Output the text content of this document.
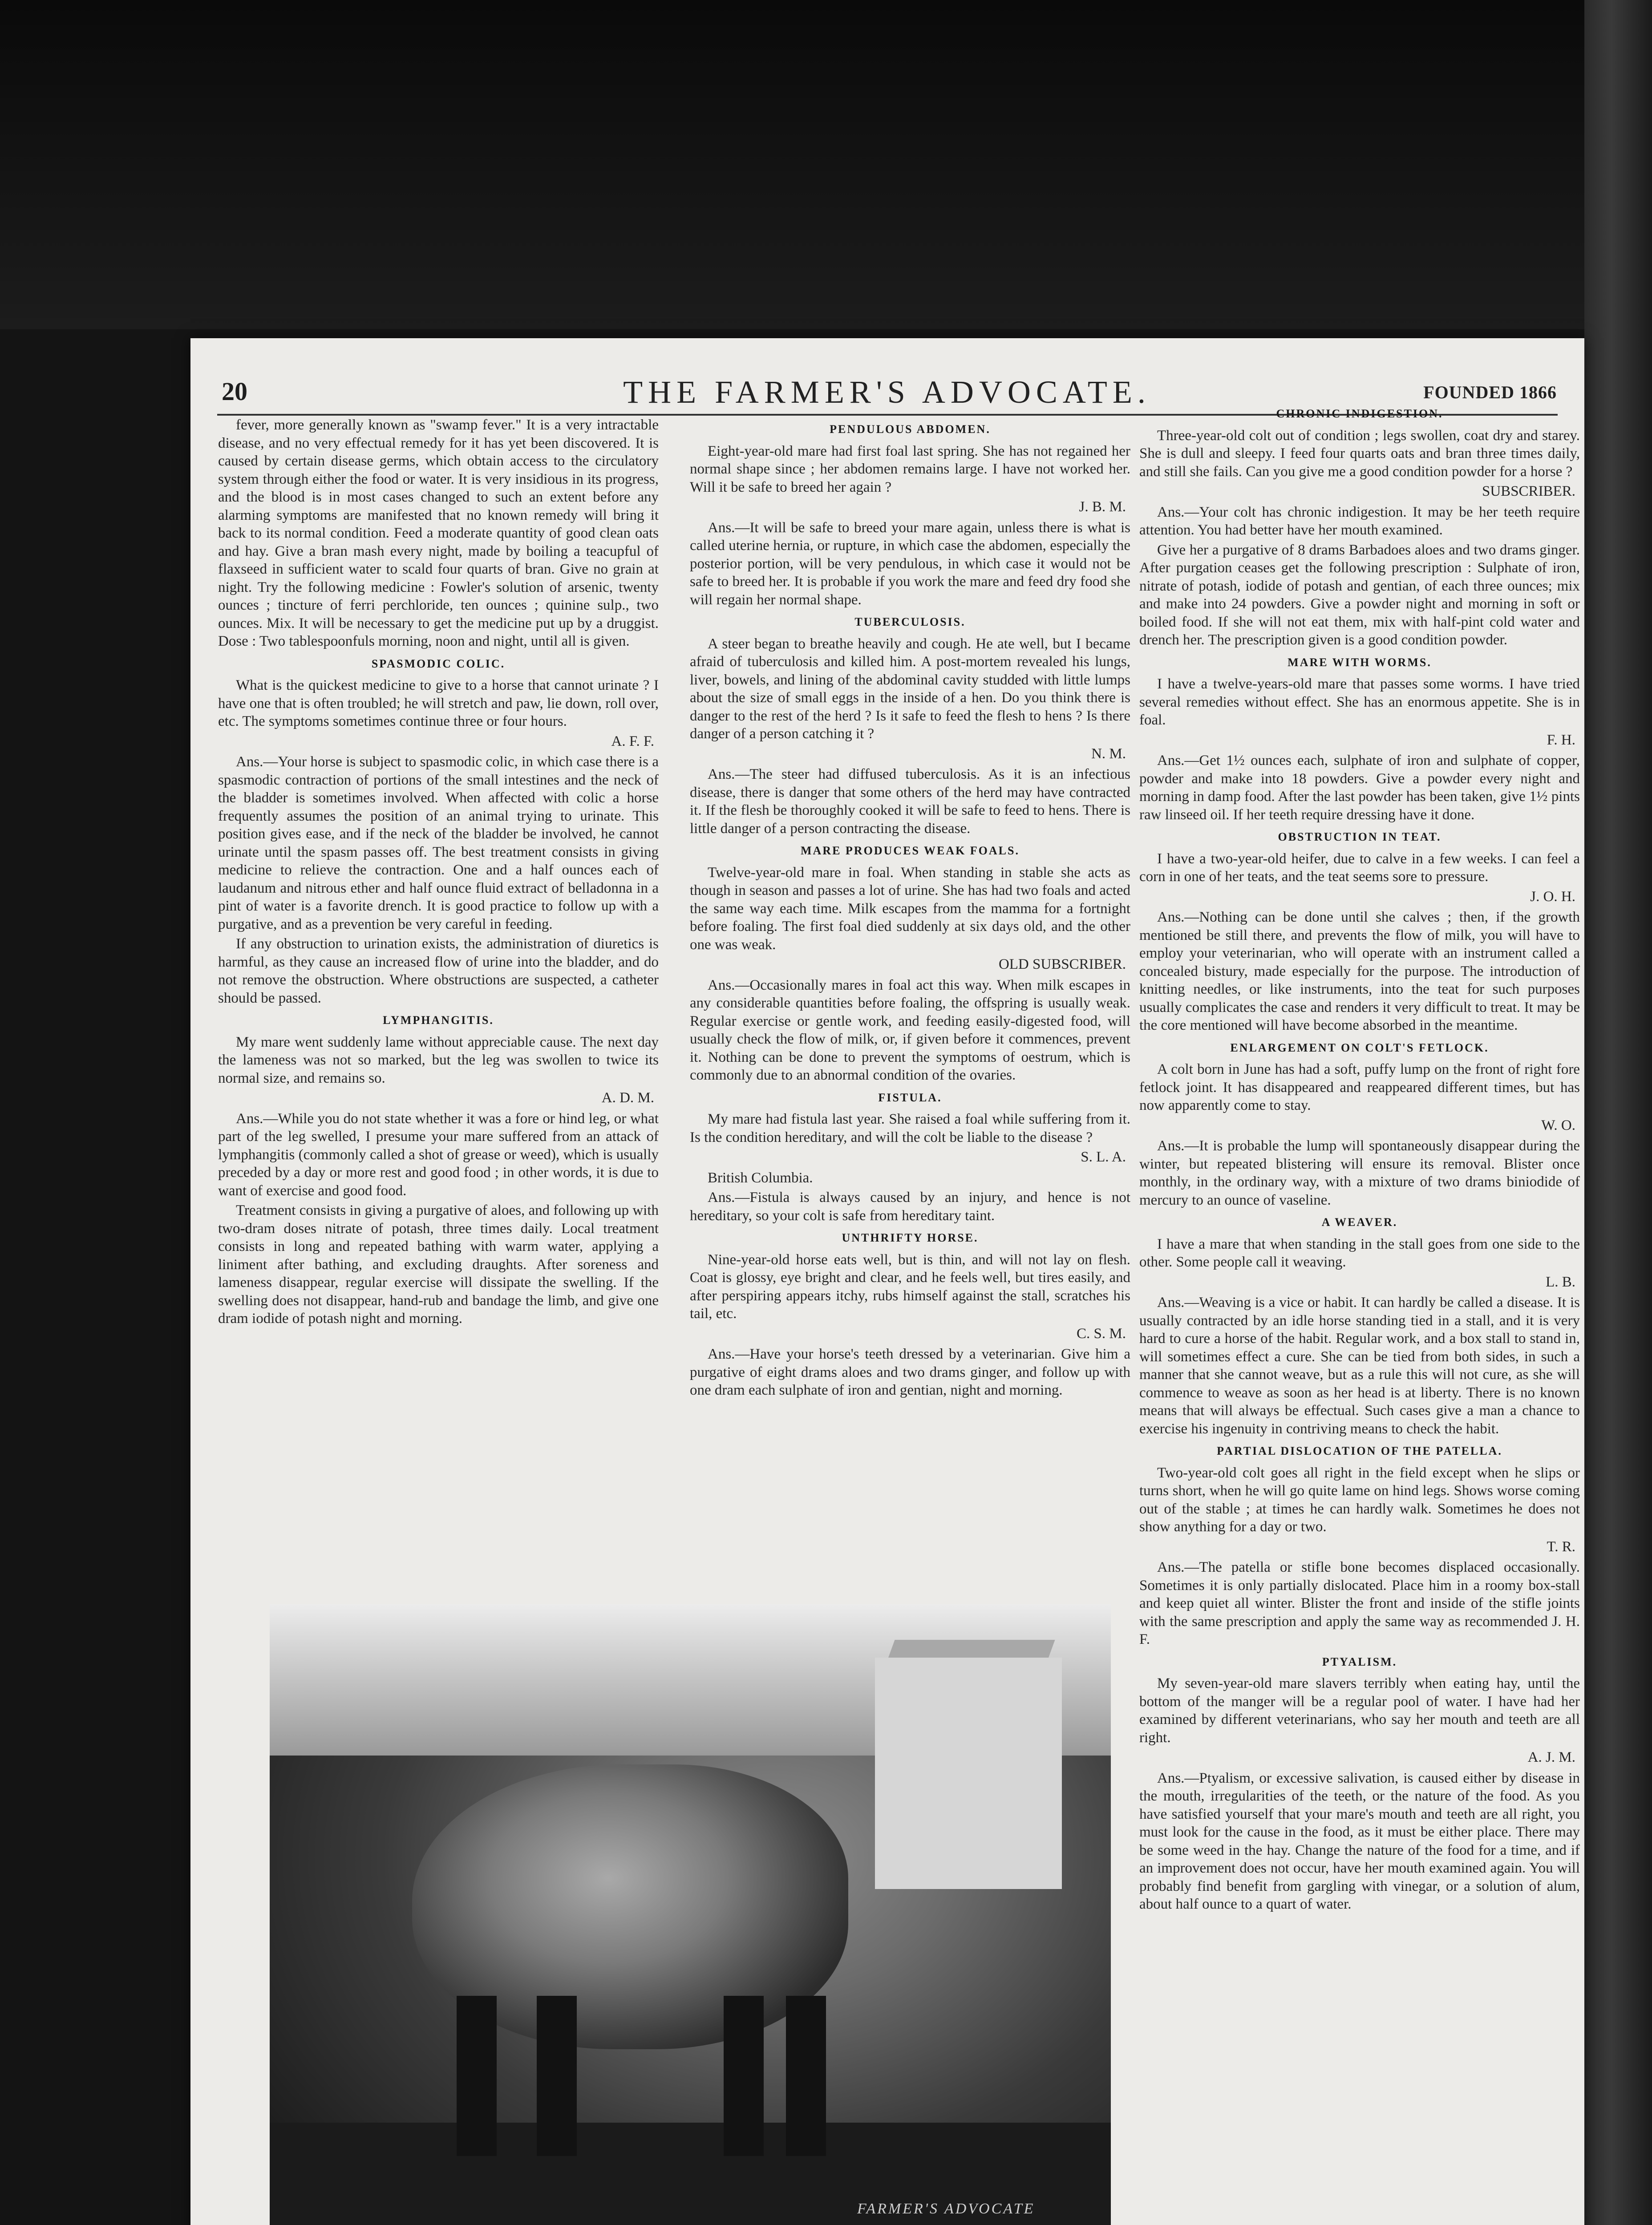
20	THE FARMER'S ADVOCATE.	FOUNDED 1866

fever, more generally known as "swamp fever." It is a very intractable disease, and no very effectual remedy for it has yet been discovered. It is caused by certain disease germs, which obtain access to the circulatory system through either the food or water. It is very insidious in its progress, and the blood is in most cases changed to such an extent before any alarming symptoms are manifested that no known remedy will bring it back to its normal condition. Feed a moderate quantity of good clean oats and hay. Give a bran mash every night, made by boiling a teacupful of flaxseed in sufficient water to scald four quarts of bran. Give no grain at night. Try the following medicine : Fowler's solution of arsenic, twenty ounces ; tincture of ferri perchloride, ten ounces ; quinine sulp., two ounces. Mix. It will be necessary to get the medicine put up by a druggist. Dose : Two tablespoonfuls morning, noon and night, until all is given.

SPASMODIC COLIC.

What is the quickest medicine to give to a horse that cannot urinate ? I have one that is often troubled; he will stretch and paw, lie down, roll over, etc. The symptoms sometimes continue three or four hours.

A. F. F.

Ans.—Your horse is subject to spasmodic colic, in which case there is a spasmodic contraction of portions of the small intestines and the neck of the bladder is sometimes involved. When affected with colic a horse frequently assumes the position of an animal trying to urinate. This position gives ease, and if the neck of the bladder be involved, he cannot urinate until the spasm passes off. The best treatment consists in giving medicine to relieve the contraction. One and a half ounces each of laudanum and nitrous ether and half ounce fluid extract of belladonna in a pint of water is a favorite drench. It is good practice to follow up with a purgative, and as a prevention be very careful in feeding.

If any obstruction to urination exists, the administration of diuretics is harmful, as they cause an increased flow of urine into the bladder, and do not remove the obstruction. Where obstructions are suspected, a catheter should be passed.

LYMPHANGITIS.

My mare went suddenly lame without appreciable cause. The next day the lameness was not so marked, but the leg was swollen to twice its normal size, and remains so.

A. D. M.

Ans.—While you do not state whether it was a fore or hind leg, or what part of the leg swelled, I presume your mare suffered from an attack of lymphangitis (commonly called a shot of grease or weed), which is usually preceded by a day or more rest and good food ; in other words, it is due to want of exercise and good food.

Treatment consists in giving a purgative of aloes, and following up with two-dram doses nitrate of potash, three times daily. Local treatment consists in long and repeated bathing with warm water, applying a liniment after bathing, and excluding draughts. After soreness and lameness disappear, regular exercise will dissipate the swelling. If the swelling does not disappear, hand-rub and bandage the limb, and give one dram iodide of potash night and morning.

PENDULOUS ABDOMEN.

Eight-year-old mare had first foal last spring. She has not regained her normal shape since ; her abdomen remains large. I have not worked her. Will it be safe to breed her again ?

J. B. M.

Ans.—It will be safe to breed your mare again, unless there is what is called uterine hernia, or rupture, in which case the abdomen, especially the posterior portion, will be very pendulous, in which case it would not be safe to breed her. It is probable if you work the mare and feed dry food she will regain her normal shape.

TUBERCULOSIS.

A steer began to breathe heavily and cough. He ate well, but I became afraid of tuberculosis and killed him. A post-mortem revealed his lungs, liver, bowels, and lining of the abdominal cavity studded with little lumps about the size of small eggs in the inside of a hen. Do you think there is danger to the rest of the herd ? Is it safe to feed the flesh to hens ? Is there danger of a person catching it ?

N. M.

Ans.—The steer had diffused tuberculosis. As it is an infectious disease, there is danger that some others of the herd may have contracted it. If the flesh be thoroughly cooked it will be safe to feed to hens. There is little danger of a person contracting the disease.

MARE PRODUCES WEAK FOALS.

Twelve-year-old mare in foal. When standing in stable she acts as though in season and passes a lot of urine. She has had two foals and acted the same way each time. Milk escapes from the mamma for a fortnight before foaling. The first foal died suddenly at six days old, and the other one was weak.

OLD SUBSCRIBER.

Ans.—Occasionally mares in foal act this way. When milk escapes in any considerable quantities before foaling, the offspring is usually weak. Regular exercise or gentle work, and feeding easily-digested food, will usually check the flow of milk, or, if given before it commences, prevent it. Nothing can be done to prevent the symptoms of oestrum, which is commonly due to an abnormal condition of the ovaries.

FISTULA.

My mare had fistula last year. She raised a foal while suffering from it. Is the condition hereditary, and will the colt be liable to the disease ?

S. L. A.

British Columbia.

Ans.—Fistula is always caused by an injury, and hence is not hereditary, so your colt is safe from hereditary taint.

UNTHRIFTY HORSE.

Nine-year-old horse eats well, but is thin, and will not lay on flesh. Coat is glossy, eye bright and clear, and he feels well, but tires easily, and after perspiring appears itchy, rubs himself against the stall, scratches his tail, etc.

C. S. M.

Ans.—Have your horse's teeth dressed by a veterinarian. Give him a purgative of eight drams aloes and two drams ginger, and follow up with one dram each sulphate of iron and gentian, night and morning.

CHRONIC INDIGESTION.

Three-year-old colt out of condition ; legs swollen, coat dry and starey. She is dull and sleepy. I feed four quarts oats and bran three times daily, and still she fails. Can you give me a good condition powder for a horse ?

SUBSCRIBER.

Ans.—Your colt has chronic indigestion. It may be her teeth require attention. You had better have her mouth examined.

Give her a purgative of 8 drams Barbadoes aloes and two drams ginger. After purgation ceases get the following prescription : Sulphate of iron, nitrate of potash, iodide of potash and gentian, of each three ounces; mix and make into 24 powders. Give a powder night and morning in soft or boiled food. If she will not eat them, mix with half-pint cold water and drench her. The prescription given is a good condition powder.

MARE WITH WORMS.

I have a twelve-years-old mare that passes some worms. I have tried several remedies without effect. She has an enormous appetite. She is in foal.

F. H.

Ans.—Get 1½ ounces each, sulphate of iron and sulphate of copper, powder and make into 18 powders. Give a powder every night and morning in damp food. After the last powder has been taken, give 1½ pints raw linseed oil. If her teeth require dressing have it done.

OBSTRUCTION IN TEAT.

I have a two-year-old heifer, due to calve in a few weeks. I can feel a corn in one of her teats, and the teat seems sore to pressure.

J. O. H.

Ans.—Nothing can be done until she calves ; then, if the growth mentioned be still there, and prevents the flow of milk, you will have to employ your veterinarian, who will operate with an instrument called a concealed bistury, made especially for the purpose. The introduction of knitting needles, or like instruments, into the teat for such purposes usually complicates the case and renders it very difficult to treat. It may be the core mentioned will have become absorbed in the meantime.

ENLARGEMENT ON COLT'S FETLOCK.

A colt born in June has had a soft, puffy lump on the front of right fore fetlock joint. It has disappeared and reappeared different times, but has now apparently come to stay.

W. O.

Ans.—It is probable the lump will spontaneously disappear during the winter, but repeated blistering will ensure its removal. Blister once monthly, in the ordinary way, with a mixture of two drams biniodide of mercury to an ounce of vaseline.

A WEAVER.

I have a mare that when standing in the stall goes from one side to the other. Some people call it weaving.

L. B.

Ans.—Weaving is a vice or habit. It can hardly be called a disease. It is usually contracted by an idle horse standing tied in a stall, and it is very hard to cure a horse of the habit. Regular work, and a box stall to stand in, will sometimes effect a cure. She can be tied from both sides, in such a manner that she cannot weave, but as a rule this will not cure, as she will commence to weave as soon as her head is at liberty. There is no known means that will always be effectual. Such cases give a man a chance to exercise his ingenuity in contriving means to check the habit.

PARTIAL DISLOCATION OF THE PATELLA.

Two-year-old colt goes all right in the field except when he slips or turns short, when he will go quite lame on hind legs. Shows worse coming out of the stable ; at times he can hardly walk. Sometimes he does not show anything for a day or two.

T. R.

Ans.—The patella or stifle bone becomes displaced occasionally. Sometimes it is only partially dislocated. Place him in a roomy box-stall and keep quiet all winter. Blister the front and inside of the stifle joints with the same prescription and apply the same way as recommended J. H. F.

PTYALISM.

My seven-year-old mare slavers terribly when eating hay, until the bottom of the manger will be a regular pool of water. I have had her examined by different veterinarians, who say her mouth and teeth are all right.

A. J. M.

Ans.—Ptyalism, or excessive salivation, is caused either by disease in the mouth, irregularities of the teeth, or the nature of the food. As you have satisfied yourself that your mare's mouth and teeth are all right, you must look for the cause in the food, as it must be either place. There may be some weed in the hay. Change the nature of the food for a time, and if an improvement does not occur, have her mouth examined again. You will probably find benefit from gargling with vinegar, or a solution of alum, about half ounce to a quart of water.

FARMER'S ADVOCATE
